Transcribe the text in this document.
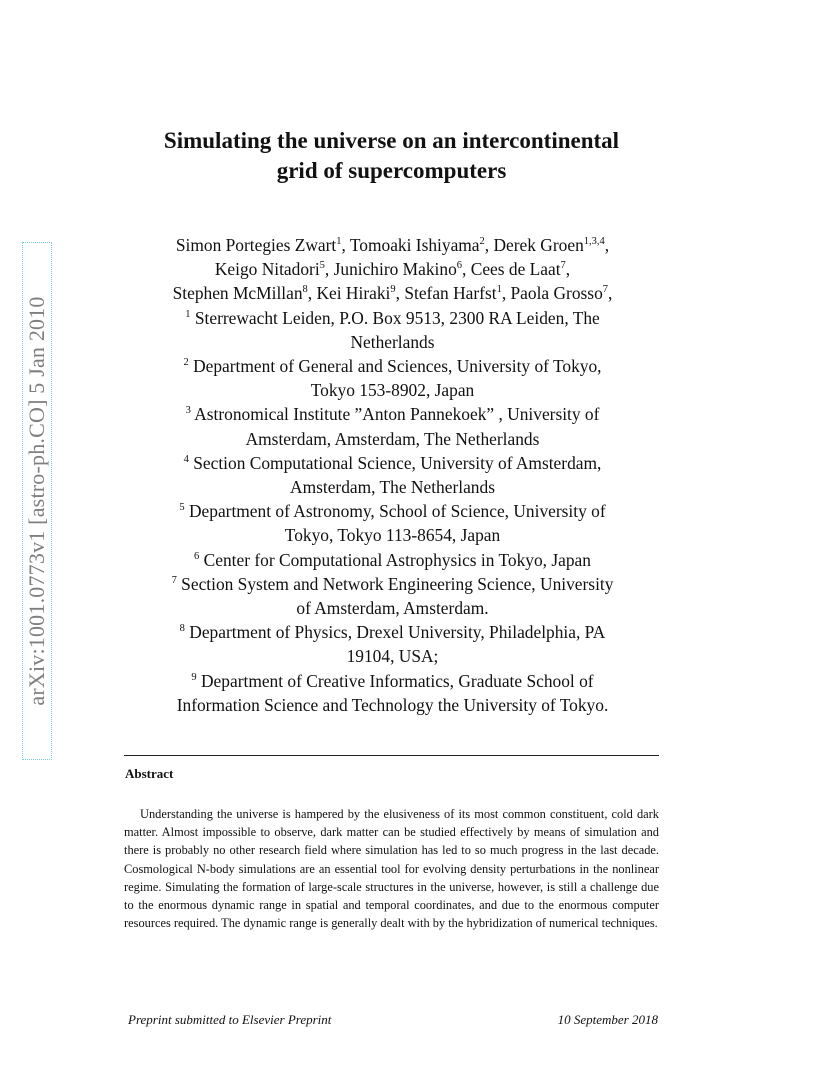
arXiv:1001.0773v1 [astro-ph.CO] 5 Jan 2010
Simulating the universe on an intercontinental
grid of supercomputers
Simon Portegies Zwart$^1$, Tomoaki Ishiyama$^2$, Derek Groen$^{1,3,4}$,
Keigo Nitadori$^5$, Junichiro Makino$^6$, Cees de Laat$^7$,
Stephen McMillan$^8$, Kei Hiraki$^9$, Stefan Harfst$^1$, Paola Grosso$^7$,
$^1$ Sterrewacht Leiden, P.O. Box 9513, 2300 RA Leiden, The
Netherlands
$^2$ Department of General and Sciences, University of Tokyo,
Tokyo 153-8902, Japan
$^3$ Astronomical Institute ”Anton Pannekoek” , University of
Amsterdam, Amsterdam, The Netherlands
$^4$ Section Computational Science, University of Amsterdam,
Amsterdam, The Netherlands
$^5$ Department of Astronomy, School of Science, University of
Tokyo, Tokyo 113-8654, Japan
$^6$ Center for Computational Astrophysics in Tokyo, Japan
$^7$ Section System and Network Engineering Science, University
of Amsterdam, Amsterdam.
$^8$ Department of Physics, Drexel University, Philadelphia, PA
19104, USA;
$^9$ Department of Creative Informatics, Graduate School of
Information Science and Technology the University of Tokyo.
Abstract

Understanding the universe is hampered by the elusiveness of its most common constituent, cold dark matter. Almost impossible to observe, dark matter can be studied effectively by means of simulation and there is probably no other research field where simulation has led to so much progress in the last decade. Cosmological N-body simulations are an essential tool for evolving density perturbations in the nonlinear regime. Simulating the formation of large-scale structures in the universe, however, is still a challenge due to the enormous dynamic range in spatial and temporal coordinates, and due to the enormous computer resources required. The dynamic range is generally dealt with by the hybridization of numerical techniques.

Preprint submitted to Elsevier Preprint	10 September 2018
